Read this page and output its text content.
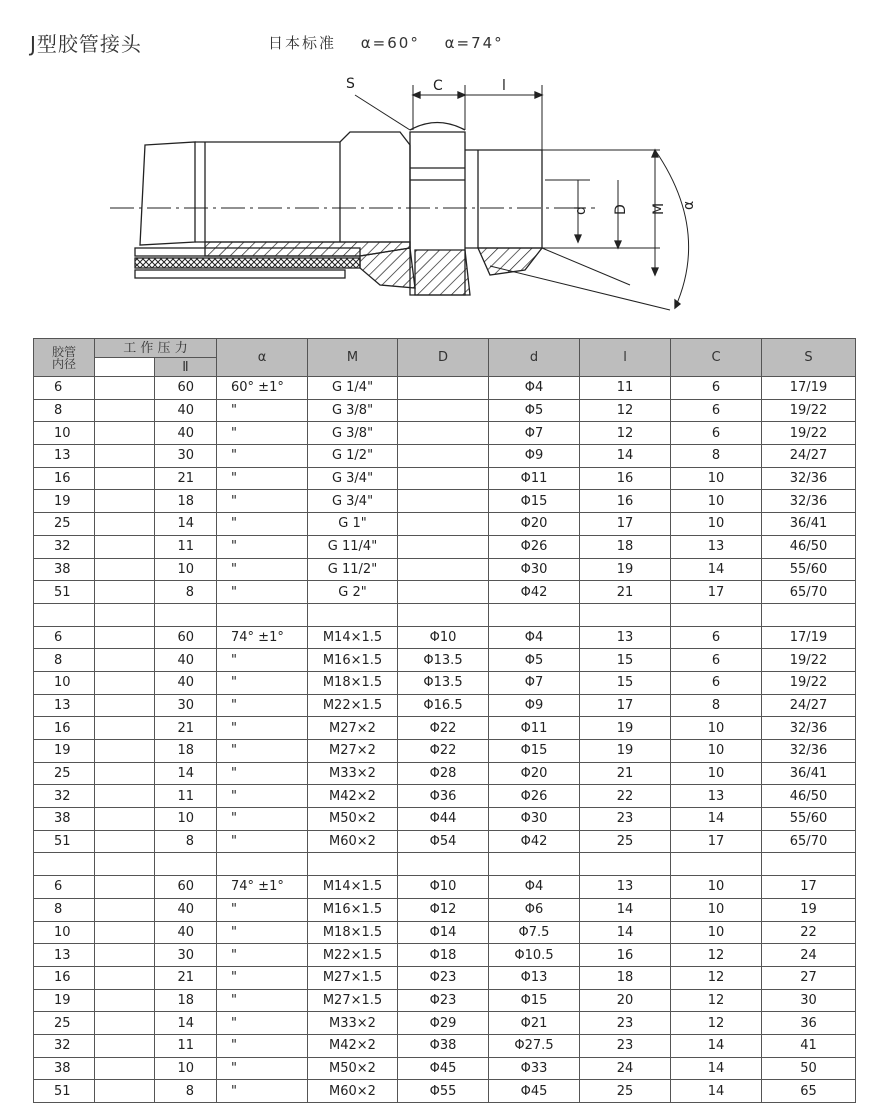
J型胶管接头	日本标准 α=60° α=74°
S	C	l
d D M α
胶管
内径	工 作 压 力		α	M	D	d	l	C	S
		Ⅱ							
6		60	60° ±1°	G 1/4"		Φ4	11	6	17/19
8		40	"	G 3/8"		Φ5	12	6	19/22
10		40	"	G 3/8"		Φ7	12	6	19/22
13		30	"	G 1/2"		Φ9	14	8	24/27
16		21	"	G 3/4"		Φ11	16	10	32/36
19		18	"	G 3/4"		Φ15	16	10	32/36
25		14	"	G 1"		Φ20	17	10	36/41
32		11	"	G 11/4"		Φ26	18	13	46/50
38		10	"	G 11/2"		Φ30	19	14	55/60
51		8	"	G 2"		Φ42	21	17	65/70

6		60	74° ±1°	M14×1.5	Φ10	Φ4	13	6	17/19
8		40	"	M16×1.5	Φ13.5	Φ5	15	6	19/22
10		40	"	M18×1.5	Φ13.5	Φ7	15	6	19/22
13		30	"	M22×1.5	Φ16.5	Φ9	17	8	24/27
16		21	"	M27×2	Φ22	Φ11	19	10	32/36
19		18	"	M27×2	Φ22	Φ15	19	10	32/36
25		14	"	M33×2	Φ28	Φ20	21	10	36/41
32		11	"	M42×2	Φ36	Φ26	22	13	46/50
38		10	"	M50×2	Φ44	Φ30	23	14	55/60
51		8	"	M60×2	Φ54	Φ42	25	17	65/70

6		60	74° ±1°	M14×1.5	Φ10	Φ4	13	10	17
8		40	"	M16×1.5	Φ12	Φ6	14	10	19
10		40	"	M18×1.5	Φ14	Φ7.5	14	10	22
13		30	"	M22×1.5	Φ18	Φ10.5	16	12	24
16		21	"	M27×1.5	Φ23	Φ13	18	12	27
19		18	"	M27×1.5	Φ23	Φ15	20	12	30
25		14	"	M33×2	Φ29	Φ21	23	12	36
32		11	"	M42×2	Φ38	Φ27.5	23	14	41
38		10	"	M50×2	Φ45	Φ33	24	14	50
51		8	"	M60×2	Φ55	Φ45	25	14	65
